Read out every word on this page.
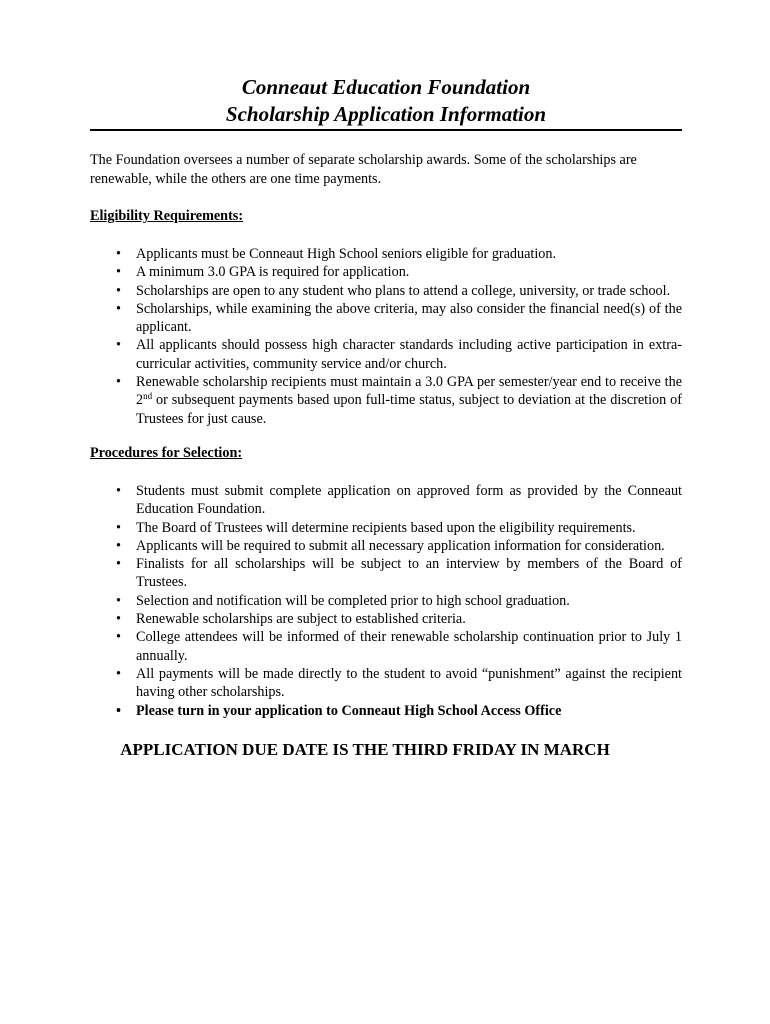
Conneaut Education Foundation
Scholarship Application Information

The Foundation oversees a number of separate scholarship awards. Some of the scholarships are renewable, while the others are one time payments.

Eligibility Requirements:
• Applicants must be Conneaut High School seniors eligible for graduation.
• A minimum 3.0 GPA is required for application.
• Scholarships are open to any student who plans to attend a college, university, or trade school.
• Scholarships, while examining the above criteria, may also consider the financial need(s) of the applicant.
• All applicants should possess high character standards including active participation in extra-curricular activities, community service and/or church.
• Renewable scholarship recipients must maintain a 3.0 GPA per semester/year end to receive the 2nd or subsequent payments based upon full-time status, subject to deviation at the discretion of Trustees for just cause.
Procedures for Selection:
• Students must submit complete application on approved form as provided by the Conneaut Education Foundation.
• The Board of Trustees will determine recipients based upon the eligibility requirements.
• Applicants will be required to submit all necessary application information for consideration.
• Finalists for all scholarships will be subject to an interview by members of the Board of Trustees.
• Selection and notification will be completed prior to high school graduation.
• Renewable scholarships are subject to established criteria.
• College attendees will be informed of their renewable scholarship continuation prior to July 1 annually.
• All payments will be made directly to the student to avoid “punishment” against the recipient having other scholarships.
• Please turn in your application to Conneaut High School Access Office
APPLICATION DUE DATE IS THE THIRD FRIDAY IN MARCH
